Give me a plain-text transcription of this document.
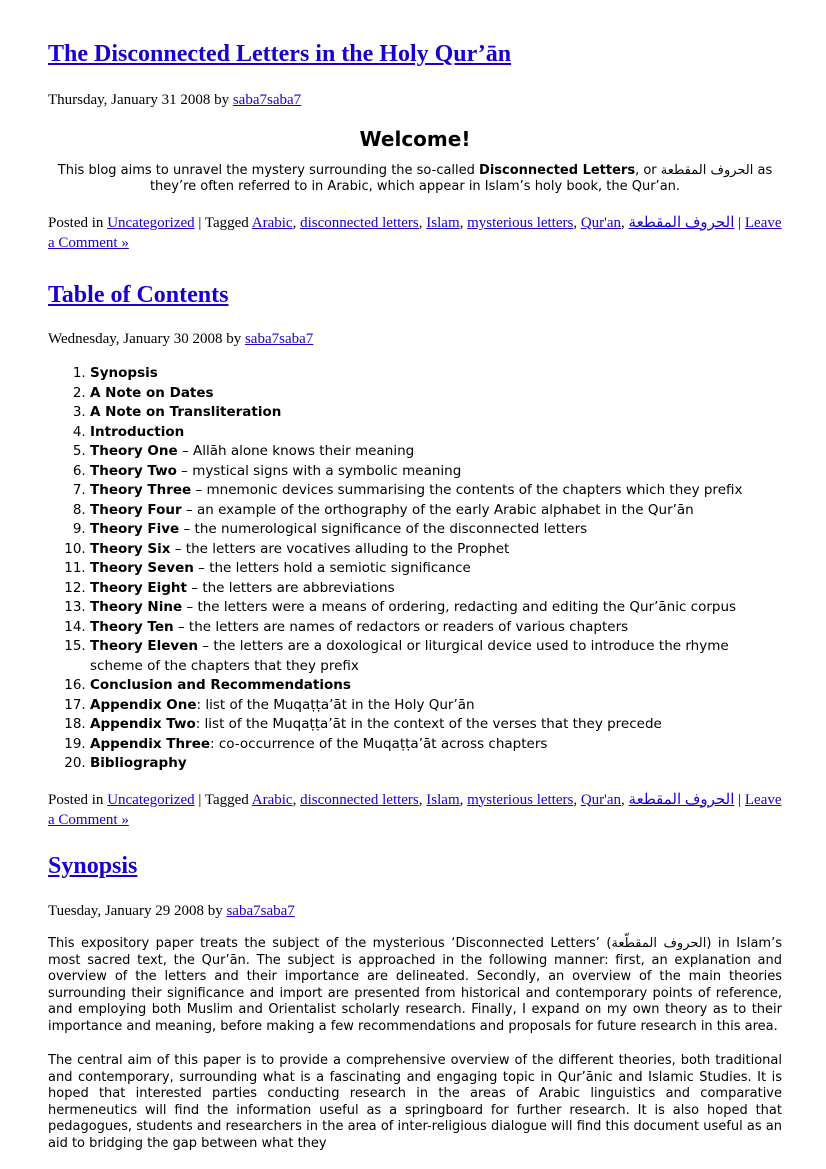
The Disconnected Letters in the Holy Qur’ān
Thursday, January 31 2008 by saba7saba7
Welcome!
This blog aims to unravel the mystery surrounding the so-called Disconnected Letters, or الحروف المقطعة as they’re often referred to in Arabic, which appear in Islam’s holy book, the Qur’an.
Posted in Uncategorized | Tagged Arabic, disconnected letters, Islam, mysterious letters, Qur'an, الحروف المقطعة | Leave a Comment »
Table of Contents
Wednesday, January 30 2008 by saba7saba7
1. Synopsis
2. A Note on Dates
3. A Note on Transliteration
4. Introduction
5. Theory One – Allāh alone knows their meaning
6. Theory Two – mystical signs with a symbolic meaning
7. Theory Three – mnemonic devices summarising the contents of the chapters which they prefix
8. Theory Four – an example of the orthography of the early Arabic alphabet in the Qur’ān
9. Theory Five – the numerological significance of the disconnected letters
10. Theory Six – the letters are vocatives alluding to the Prophet
11. Theory Seven – the letters hold a semiotic significance
12. Theory Eight – the letters are abbreviations
13. Theory Nine – the letters were a means of ordering, redacting and editing the Qur’ānic corpus
14. Theory Ten – the letters are names of redactors or readers of various chapters
15. Theory Eleven – the letters are a doxological or liturgical device used to introduce the rhyme scheme of the chapters that they prefix
16. Conclusion and Recommendations
17. Appendix One: list of the Muqaṭṭa’āt in the Holy Qur’ān
18. Appendix Two: list of the Muqaṭṭa’āt in the context of the verses that they precede
19. Appendix Three: co-occurrence of the Muqaṭṭa’āt across chapters
20. Bibliography
Posted in Uncategorized | Tagged Arabic, disconnected letters, Islam, mysterious letters, Qur'an, الحروف المقطعة | Leave a Comment »
Synopsis
Tuesday, January 29 2008 by saba7saba7

This expository paper treats the subject of the mysterious ‘Disconnected Letters’ (الحروف المقطّعة) in Islam’s most sacred text, the Qur’ān. The subject is approached in the following manner: first, an explanation and overview of the letters and their importance are delineated. Secondly, an overview of the main theories surrounding their significance and import are presented from historical and contemporary points of reference, and employing both Muslim and Orientalist scholarly research. Finally, I expand on my own theory as to their importance and meaning, before making a few recommendations and proposals for future research in this area.

The central aim of this paper is to provide a comprehensive overview of the different theories, both traditional and contemporary, surrounding what is a fascinating and engaging topic in Qur’ānic and Islamic Studies. It is hoped that interested parties conducting research in the areas of Arabic linguistics and comparative hermeneutics will find the information useful as a springboard for further research. It is also hoped that pedagogues, students and researchers in the area of inter-religious dialogue will find this document useful as an aid to bridging the gap between what they
